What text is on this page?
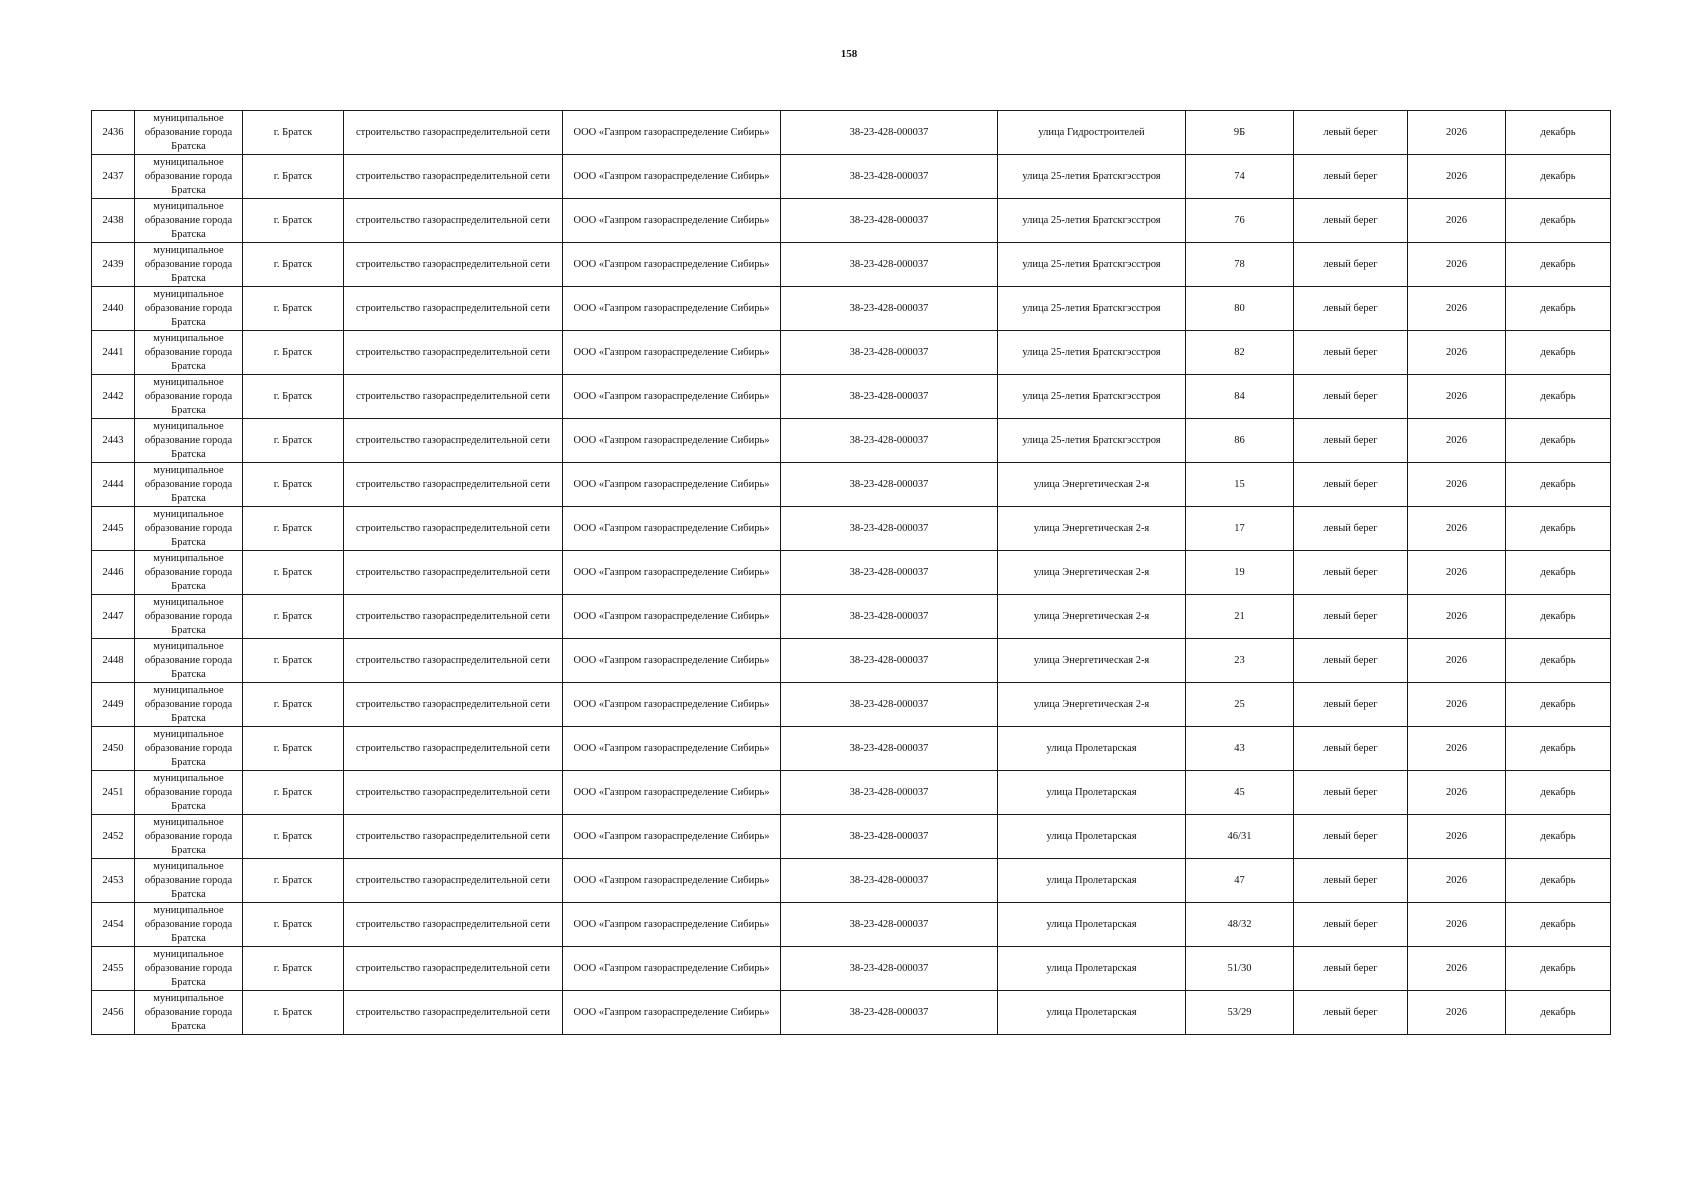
158
2436	муниципальное образование города Братска	г. Братск	строительство газораспределительной сети	ООО «Газпром газораспределение Сибирь»	38-23-428-000037	улица Гидростроителей	9Б	левый берег	2026	декабрь
2437	муниципальное образование города Братска	г. Братск	строительство газораспределительной сети	ООО «Газпром газораспределение Сибирь»	38-23-428-000037	улица 25-летия Братскгэсстроя	74	левый берег	2026	декабрь
2438	муниципальное образование города Братска	г. Братск	строительство газораспределительной сети	ООО «Газпром газораспределение Сибирь»	38-23-428-000037	улица 25-летия Братскгэсстроя	76	левый берег	2026	декабрь
2439	муниципальное образование города Братска	г. Братск	строительство газораспределительной сети	ООО «Газпром газораспределение Сибирь»	38-23-428-000037	улица 25-летия Братскгэсстроя	78	левый берег	2026	декабрь
2440	муниципальное образование города Братска	г. Братск	строительство газораспределительной сети	ООО «Газпром газораспределение Сибирь»	38-23-428-000037	улица 25-летия Братскгэсстроя	80	левый берег	2026	декабрь
2441	муниципальное образование города Братска	г. Братск	строительство газораспределительной сети	ООО «Газпром газораспределение Сибирь»	38-23-428-000037	улица 25-летия Братскгэсстроя	82	левый берег	2026	декабрь
2442	муниципальное образование города Братска	г. Братск	строительство газораспределительной сети	ООО «Газпром газораспределение Сибирь»	38-23-428-000037	улица 25-летия Братскгэсстроя	84	левый берег	2026	декабрь
2443	муниципальное образование города Братска	г. Братск	строительство газораспределительной сети	ООО «Газпром газораспределение Сибирь»	38-23-428-000037	улица 25-летия Братскгэсстроя	86	левый берег	2026	декабрь
2444	муниципальное образование города Братска	г. Братск	строительство газораспределительной сети	ООО «Газпром газораспределение Сибирь»	38-23-428-000037	улица Энергетическая 2-я	15	левый берег	2026	декабрь
2445	муниципальное образование города Братска	г. Братск	строительство газораспределительной сети	ООО «Газпром газораспределение Сибирь»	38-23-428-000037	улица Энергетическая 2-я	17	левый берег	2026	декабрь
2446	муниципальное образование города Братска	г. Братск	строительство газораспределительной сети	ООО «Газпром газораспределение Сибирь»	38-23-428-000037	улица Энергетическая 2-я	19	левый берег	2026	декабрь
2447	муниципальное образование города Братска	г. Братск	строительство газораспределительной сети	ООО «Газпром газораспределение Сибирь»	38-23-428-000037	улица Энергетическая 2-я	21	левый берег	2026	декабрь
2448	муниципальное образование города Братска	г. Братск	строительство газораспределительной сети	ООО «Газпром газораспределение Сибирь»	38-23-428-000037	улица Энергетическая 2-я	23	левый берег	2026	декабрь
2449	муниципальное образование города Братска	г. Братск	строительство газораспределительной сети	ООО «Газпром газораспределение Сибирь»	38-23-428-000037	улица Энергетическая 2-я	25	левый берег	2026	декабрь
2450	муниципальное образование города Братска	г. Братск	строительство газораспределительной сети	ООО «Газпром газораспределение Сибирь»	38-23-428-000037	улица Пролетарская	43	левый берег	2026	декабрь
2451	муниципальное образование города Братска	г. Братск	строительство газораспределительной сети	ООО «Газпром газораспределение Сибирь»	38-23-428-000037	улица Пролетарская	45	левый берег	2026	декабрь
2452	муниципальное образование города Братска	г. Братск	строительство газораспределительной сети	ООО «Газпром газораспределение Сибирь»	38-23-428-000037	улица Пролетарская	46/31	левый берег	2026	декабрь
2453	муниципальное образование города Братска	г. Братск	строительство газораспределительной сети	ООО «Газпром газораспределение Сибирь»	38-23-428-000037	улица Пролетарская	47	левый берег	2026	декабрь
2454	муниципальное образование города Братска	г. Братск	строительство газораспределительной сети	ООО «Газпром газораспределение Сибирь»	38-23-428-000037	улица Пролетарская	48/32	левый берег	2026	декабрь
2455	муниципальное образование города Братска	г. Братск	строительство газораспределительной сети	ООО «Газпром газораспределение Сибирь»	38-23-428-000037	улица Пролетарская	51/30	левый берег	2026	декабрь
2456	муниципальное образование города Братска	г. Братск	строительство газораспределительной сети	ООО «Газпром газораспределение Сибирь»	38-23-428-000037	улица Пролетарская	53/29	левый берег	2026	декабрь
